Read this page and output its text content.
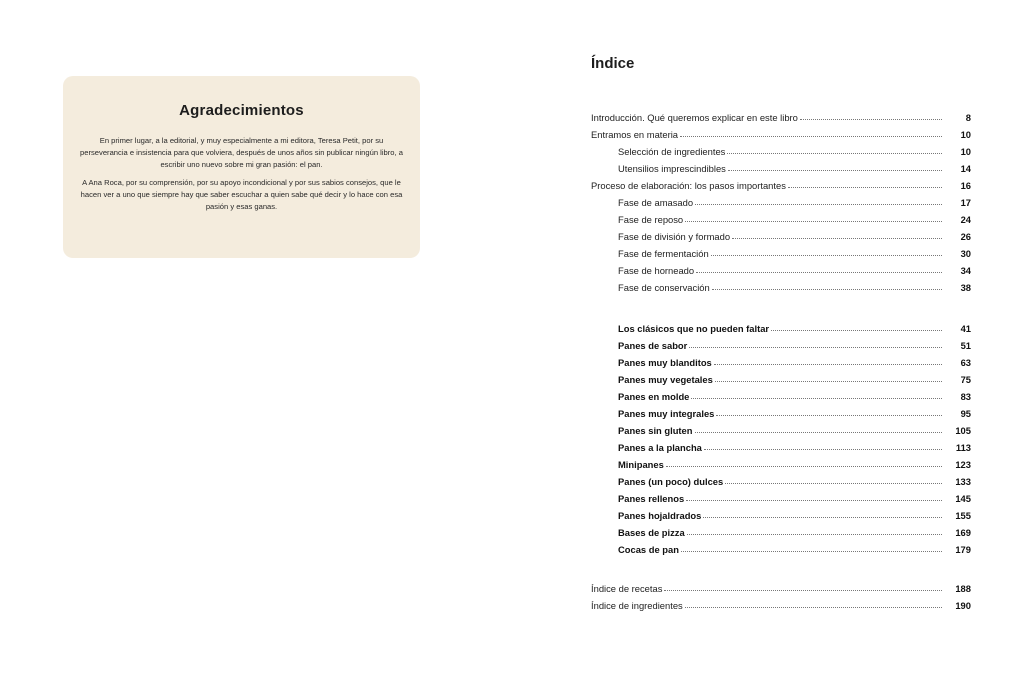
Agradecimientos

En primer lugar, a la editorial, y muy especialmente a mi editora, Teresa Petit, por su perseverancia e insistencia para que volviera, después de unos años sin publicar ningún libro, a escribir uno nuevo sobre mi gran pasión: el pan.

A Ana Roca, por su comprensión, por su apoyo incondicional y por sus sabios consejos, que le hacen ver a uno que siempre hay que saber escuchar a quien sabe qué decir y lo hace con esa pasión y esas ganas.

Índice
Introducción. Qué queremos explicar en este libro	8
Entramos en materia	10
Selección de ingredientes	10
Utensilios imprescindibles	14
Proceso de elaboración: los pasos importantes	16
Fase de amasado	17
Fase de reposo	24
Fase de división y formado	26
Fase de fermentación	30
Fase de horneado	34
Fase de conservación	38
Los clásicos que no pueden faltar	41
Panes de sabor	51
Panes muy blanditos	63
Panes muy vegetales	75
Panes en molde	83
Panes muy integrales	95
Panes sin gluten	105
Panes a la plancha	113
Minipanes	123
Panes (un poco) dulces	133
Panes rellenos	145
Panes hojaldrados	155
Bases de pizza	169
Cocas de pan	179
Índice de recetas	188
Índice de ingredientes	190
